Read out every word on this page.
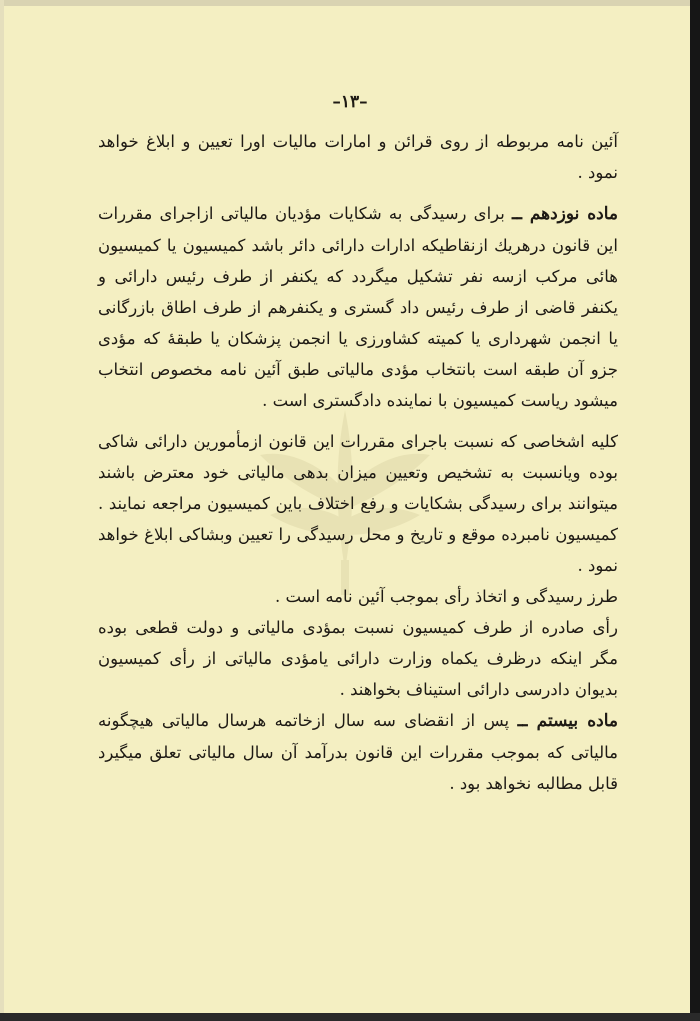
–۱۳–

آئین نامه مربوطه از روی قرائن و امارات مالیات اورا تعیین و ابلاغ خواهد نمود .

ماده نوزدهم ــ برای رسیدگی به شکایات مؤدیان مالیاتی ازاجرای مقررات این قانون درهریك ازنقاطیکه ادارات دارائی دائر باشد کمیسیون یا کمیسیون هائی مرکب ازسه نفر تشکیل میگردد که یکنفر از طرف رئیس دارائی و یکنفر قاضی از طرف رئیس داد گستری و یکنفرهم از طرف اطاق بازرگانی یا انجمن شهرداری یا کمیته کشاورزی یا انجمن پزشکان یا طبقهٔ که مؤدی جزو آن طبقه است بانتخاب مؤدی مالیاتی طبق آئین نامه مخصوص انتخاب میشود ریاست کمیسیون با نماینده دادگستری است .

کلیه اشخاصی که نسبت باجرای مقررات این قانون ازمأمورین دارائی شاکی بوده ویانسبت به تشخیص وتعیین میزان بدهی مالیاتی خود معترض باشند میتوانند برای رسیدگی بشکایات و رفع اختلاف باین کمیسیون مراجعه نمایند . کمیسیون نامبرده موقع و تاریخ و محل رسیدگی را تعیین وبشاکی ابلاغ خواهد نمود .

طرز رسیدگی و اتخاذ رأی بموجب آئین نامه است .

رأی صادره از طرف کمیسیون نسبت بمؤدی مالیاتی و دولت قطعی بوده مگر اینکه درظرف یکماه وزارت دارائی یامؤدی مالیاتی از رأی کمیسیون بدیوان دادرسی دارائی استیناف بخواهند .

ماده بیستم ــ پس از انقضای سه سال ازخاتمه هرسال مالیاتی هیچگونه مالیاتی که بموجب مقررات این قانون بدرآمد آن سال مالیاتی تعلق میگیرد قابل مطالبه نخواهد بود .
